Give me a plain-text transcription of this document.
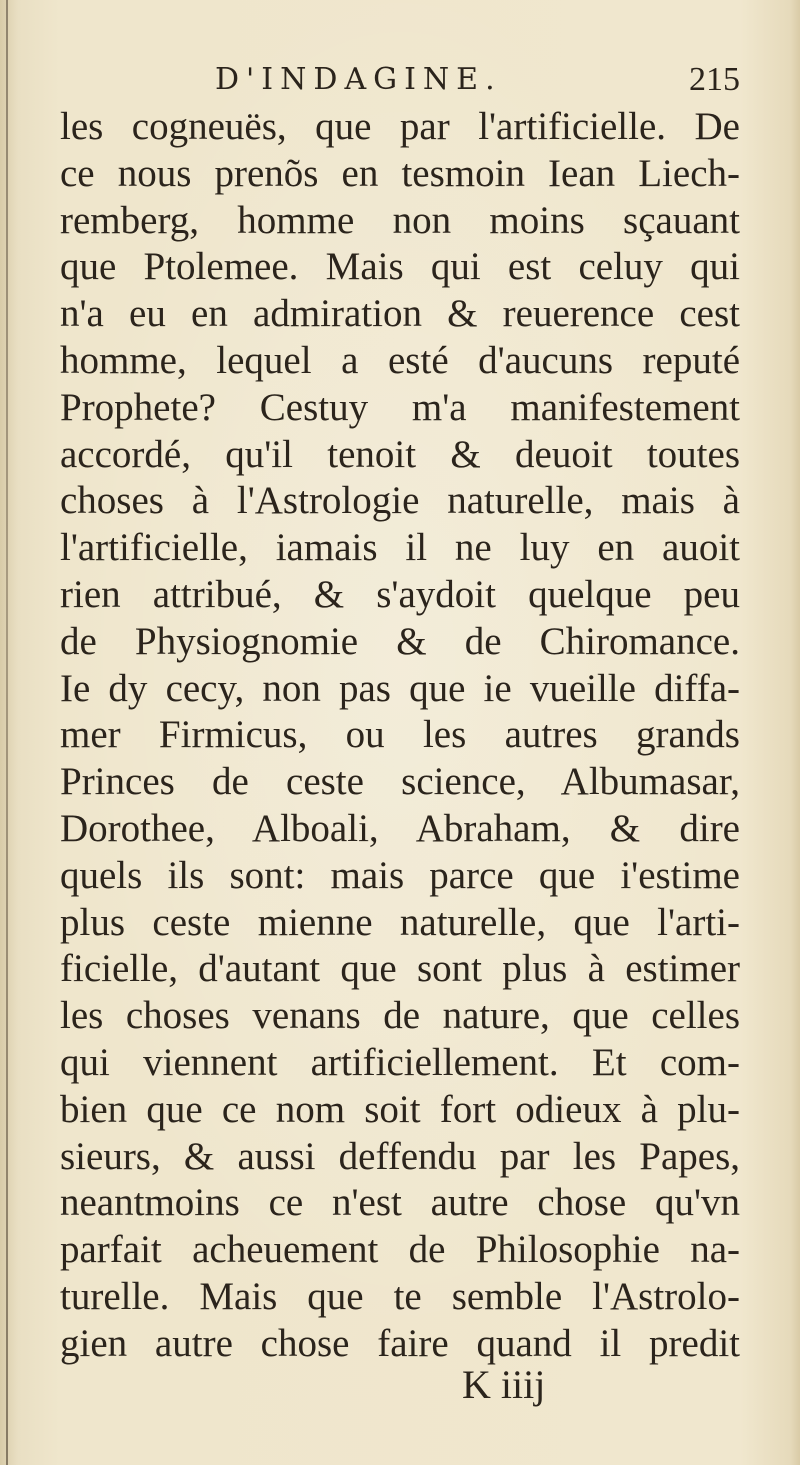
D'INDAGINE.	215
les cogneuës, que par l'artificielle. De
ce nous prenõs en tesmoin Iean Liech-
remberg, homme non moins sçauant
que Ptolemee. Mais qui est celuy qui
n'a eu en admiration & reuerence cest
homme, lequel a esté d'aucuns reputé
Prophete? Cestuy m'a manifestement
accordé, qu'il tenoit & deuoit toutes
choses à l'Astrologie naturelle, mais à
l'artificielle, iamais il ne luy en auoit
rien attribué, & s'aydoit quelque peu
de Physiognomie & de Chiromance.
Ie dy cecy, non pas que ie vueille diffa-
mer Firmicus, ou les autres grands
Princes de ceste science, Albumasar,
Dorothee, Alboali, Abraham, & dire
quels ils sont: mais parce que i'estime
plus ceste mienne naturelle, que l'arti-
ficielle, d'autant que sont plus à estimer
les choses venans de nature, que celles
qui viennent artificiellement. Et com-
bien que ce nom soit fort odieux à plu-
sieurs, & aussi deffendu par les Papes,
neantmoins ce n'est autre chose qu'vn
parfait acheuement de Philosophie na-
turelle. Mais que te semble l'Astrolo-
gien autre chose faire quand il predit
K iiij
